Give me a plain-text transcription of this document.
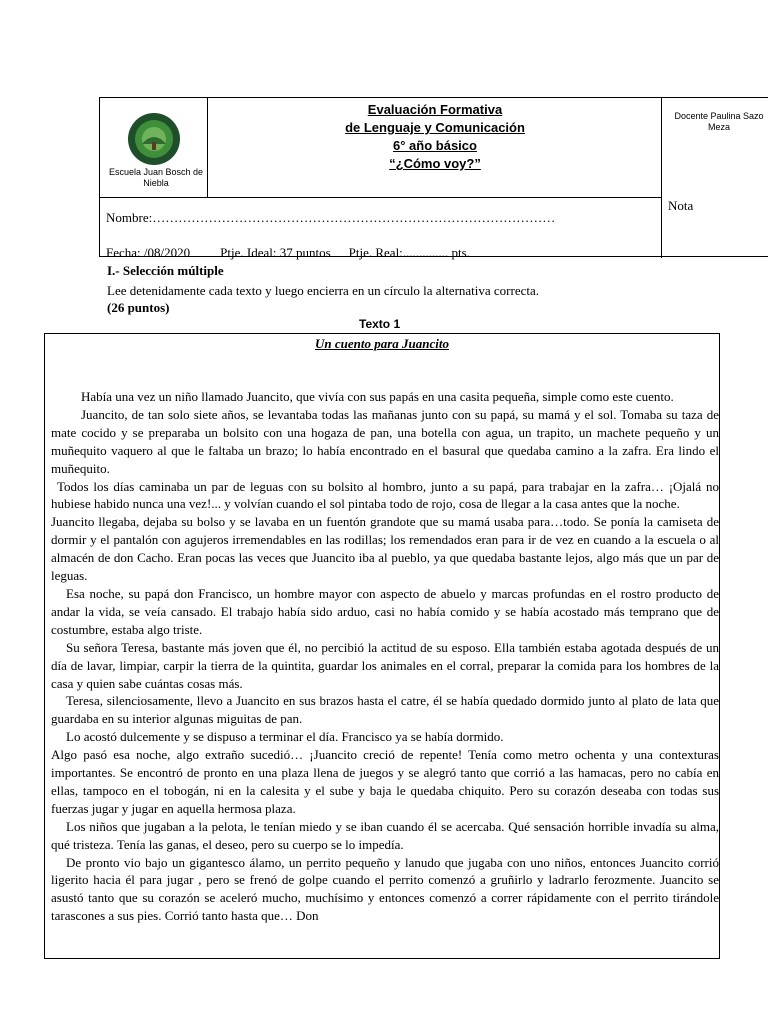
Escuela Juan Bosch de Niebla
Evaluación Formativa
de Lenguaje y Comunicación
6° año básico
“¿Cómo voy?”
Docente Paulina Sazo Meza
Nota
Nombre:…………………………………………………………………………………
Fecha: /08/2020 Ptje. Ideal: 37 puntos Ptje. Real:.............. pts.
I.- Selección múltiple
Lee detenidamente cada texto y luego encierra en un círculo la alternativa correcta.
(26 puntos)
Texto 1
Un cuento para Juancito

Había una vez un niño llamado Juancito, que vivía con sus papás en una casita pequeña, simple como este cuento.

Juancito, de tan solo siete años, se levantaba todas las mañanas junto con su papá, su mamá y el sol. Tomaba su taza de mate cocido y se preparaba un bolsito con una hogaza de pan, una botella con agua, un trapito, un machete pequeño y un muñequito vaquero al que le faltaba un brazo; lo había encontrado en el basural que quedaba camino a la zafra. Era lindo el muñequito.

Todos los días caminaba un par de leguas con su bolsito al hombro, junto a su papá, para trabajar en la zafra… ¡Ojalá no hubiese habido nunca una vez!... y volvían cuando el sol pintaba todo de rojo, cosa de llegar a la casa antes que la noche.

Juancito llegaba, dejaba su bolso y se lavaba en un fuentón grandote que su mamá usaba para…todo. Se ponía la camiseta de dormir y el pantalón con agujeros irremendables en las rodillas; los remendados eran para ir de vez en cuando a la escuela o al almacén de don Cacho. Eran pocas las veces que Juancito iba al pueblo, ya que quedaba bastante lejos, algo más que un par de leguas.

Esa noche, su papá don Francisco, un hombre mayor con aspecto de abuelo y marcas profundas en el rostro producto de andar la vida, se veía cansado. El trabajo había sido arduo, casi no había comido y se había acostado más temprano que de costumbre, estaba algo triste.

Su señora Teresa, bastante más joven que él, no percibió la actitud de su esposo. Ella también estaba agotada después de un día de lavar, limpiar, carpir la tierra de la quintita, guardar los animales en el corral, preparar la comida para los hombres de la casa y quien sabe cuántas cosas más.

Teresa, silenciosamente, llevo a Juancito en sus brazos hasta el catre, él se había quedado dormido junto al plato de lata que guardaba en su interior algunas miguitas de pan.

Lo acostó dulcemente y se dispuso a terminar el día. Francisco ya se había dormido.

Algo pasó esa noche, algo extraño sucedió… ¡Juancito creció de repente! Tenía como metro ochenta y una contexturas importantes. Se encontró de pronto en una plaza llena de juegos y se alegró tanto que corrió a las hamacas, pero no cabía en ellas, tampoco en el tobogán, ni en la calesita y el sube y baja le quedaba chiquito. Pero su corazón deseaba con todas sus fuerzas jugar y jugar en aquella hermosa plaza.

Los niños que jugaban a la pelota, le tenían miedo y se iban cuando él se acercaba. Qué sensación horrible invadía su alma, qué tristeza. Tenía las ganas, el deseo, pero su cuerpo se lo impedía.

De pronto vio bajo un gigantesco álamo, un perrito pequeño y lanudo que jugaba con uno niños, entonces Juancito corrió ligerito hacia él para jugar , pero se frenó de golpe cuando el perrito comenzó a gruñirlo y ladrarlo ferozmente. Juancito se asustó tanto que su corazón se aceleró mucho, muchísimo y entonces comenzó a correr rápidamente con el perrito tirándole tarascones a sus pies. Corrió tanto hasta que… Don
